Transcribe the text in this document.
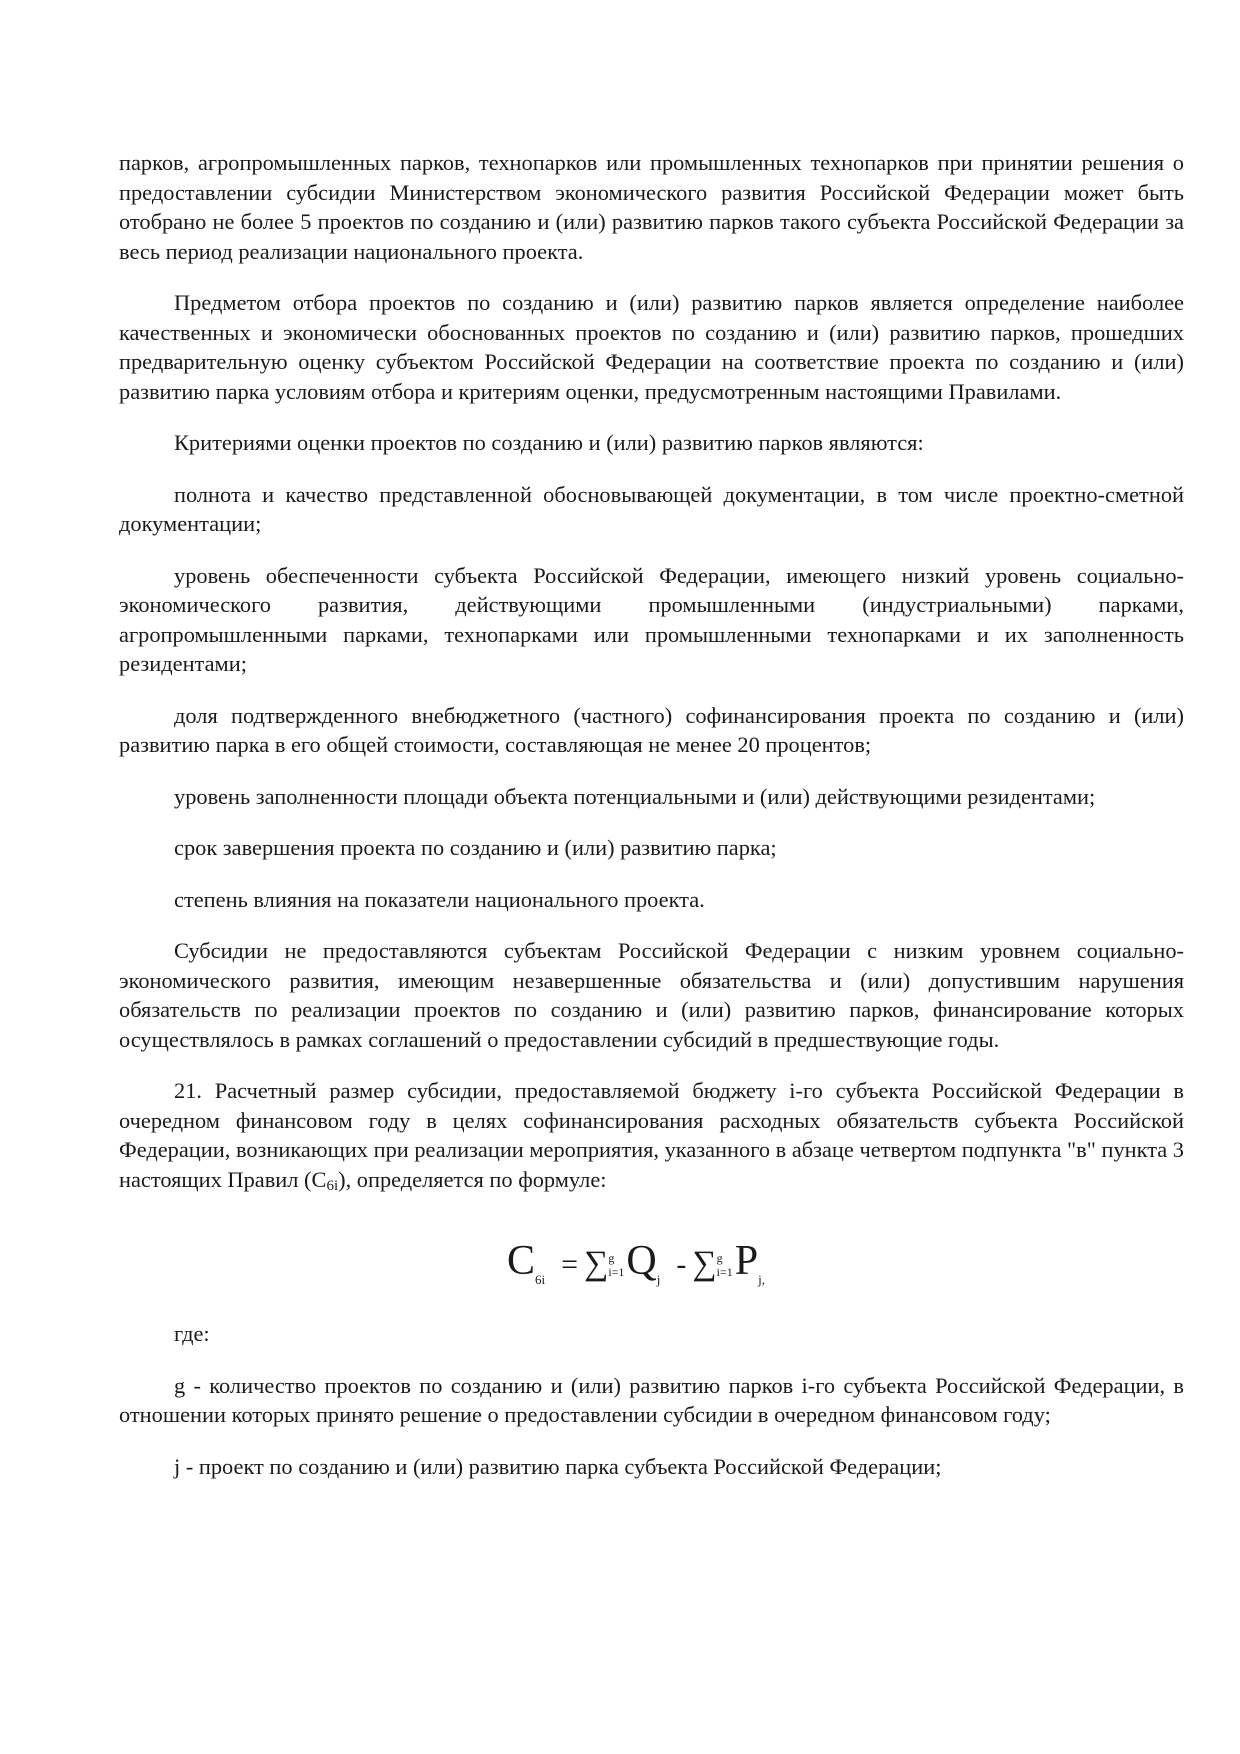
парков, агропромышленных парков, технопарков или промышленных технопарков при принятии решения о предоставлении субсидии Министерством экономического развития Российской Федерации может быть отобрано не более 5 проектов по созданию и (или) развитию парков такого субъекта Российской Федерации за весь период реализации национального проекта.

Предметом отбора проектов по созданию и (или) развитию парков является определение наиболее качественных и экономически обоснованных проектов по созданию и (или) развитию парков, прошедших предварительную оценку субъектом Российской Федерации на соответствие проекта по созданию и (или) развитию парка условиям отбора и критериям оценки, предусмотренным настоящими Правилами.

Критериями оценки проектов по созданию и (или) развитию парков являются:

полнота и качество представленной обосновывающей документации, в том числе проектно-сметной документации;

уровень обеспеченности субъекта Российской Федерации, имеющего низкий уровень социально-экономического развития, действующими промышленными (индустриальными) парками, агропромышленными парками, технопарками или промышленными технопарками и их заполненность резидентами;

доля подтвержденного внебюджетного (частного) софинансирования проекта по созданию и (или) развитию парка в его общей стоимости, составляющая не менее 20 процентов;

уровень заполненности площади объекта потенциальными и (или) действующими резидентами;

срок завершения проекта по созданию и (или) развитию парка;

степень влияния на показатели национального проекта.

Субсидии не предоставляются субъектам Российской Федерации с низким уровнем социально-экономического развития, имеющим незавершенные обязательства и (или) допустившим нарушения обязательств по реализации проектов по созданию и (или) развитию парков, финансирование которых осуществлялось в рамках соглашений о предоставлении субсидий в предшествующие годы.

21. Расчетный размер субсидии, предоставляемой бюджету i-го субъекта Российской Федерации в очередном финансовом году в целях софинансирования расходных обязательств субъекта Российской Федерации, возникающих при реализации мероприятия, указанного в абзаце четвертом подпункта "в" пункта 3 настоящих Правил $(C_{6i})$, определяется по формуле:

$C_{6i}$ = ∑ g
i=1 $Q_j$ - ∑ g
i=1 $P_{j,}$

где:

g - количество проектов по созданию и (или) развитию парков i-го субъекта Российской Федерации, в отношении которых принято решение о предоставлении субсидии в очередном финансовом году;

j - проект по созданию и (или) развитию парка субъекта Российской Федерации;
